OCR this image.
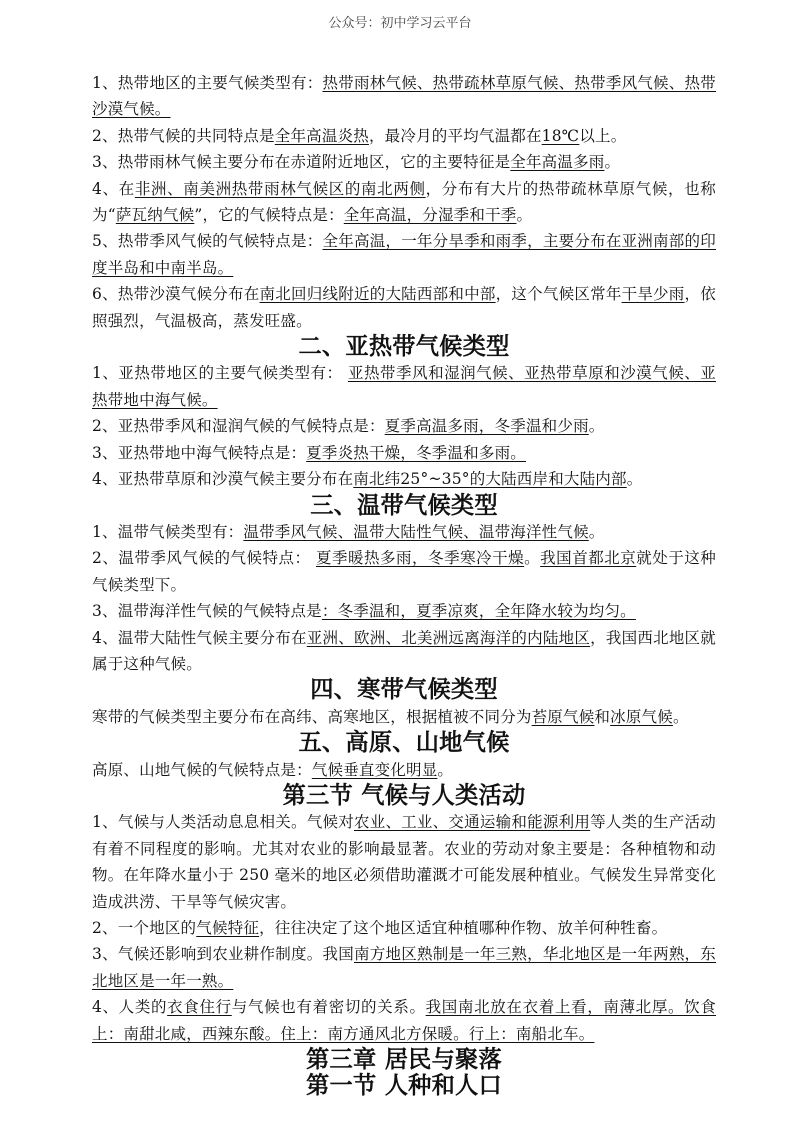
公众号：初中学习云平台

1、热带地区的主要气候类型有：热带雨林气候、热带疏林草原气候、热带季风气候、热带沙漠气候。

2、热带气候的共同特点是全年高温炎热，最冷月的平均气温都在18℃以上。

3、热带雨林气候主要分布在赤道附近地区，它的主要特征是全年高温多雨。

4、在非洲、南美洲热带雨林气候区的南北两侧，分布有大片的热带疏林草原气候，也称为“萨瓦纳气候”，它的气候特点是：全年高温，分湿季和干季。

5、热带季风气候的气候特点是：全年高温，一年分旱季和雨季，主要分布在亚洲南部的印度半岛和中南半岛。

6、热带沙漠气候分布在南北回归线附近的大陆西部和中部，这个气候区常年干旱少雨，依照强烈，气温极高，蒸发旺盛。

二、亚热带气候类型

1、亚热带地区的主要气候类型有： 亚热带季风和湿润气候、亚热带草原和沙漠气候、亚热带地中海气候。

2、亚热带季风和湿润气候的气候特点是：夏季高温多雨，冬季温和少雨。

3、亚热带地中海气候特点是：夏季炎热干燥，冬季温和多雨。

4、亚热带草原和沙漠气候主要分布在南北纬25°~35°的大陆西岸和大陆内部。

三、温带气候类型

1、温带气候类型有：温带季风气候、温带大陆性气候、温带海洋性气候。

2、温带季风气候的气候特点： 夏季暖热多雨，冬季寒冷干燥。我国首都北京就处于这种气候类型下。

3、温带海洋性气候的气候特点是：冬季温和，夏季凉爽，全年降水较为均匀。

4、温带大陆性气候主要分布在亚洲、欧洲、北美洲远离海洋的内陆地区，我国西北地区就属于这种气候。

四、寒带气候类型

寒带的气候类型主要分布在高纬、高寒地区，根据植被不同分为苔原气候和冰原气候。

五、高原、山地气候

高原、山地气候的气候特点是：气候垂直变化明显。

第三节 气候与人类活动

1、气候与人类活动息息相关。气候对农业、工业、交通运输和能源利用等人类的生产活动有着不同程度的影响。尤其对农业的影响最显著。农业的劳动对象主要是：各种植物和动物。在年降水量小于 250 毫米的地区必须借助灌溉才可能发展种植业。气候发生异常变化造成洪涝、干旱等气候灾害。

2、一个地区的气候特征，往往决定了这个地区适宜种植哪种作物、放羊何种牲畜。

3、气候还影响到农业耕作制度。我国南方地区熟制是一年三熟，华北地区是一年两熟，东北地区是一年一熟。

4、人类的衣食住行与气候也有着密切的关系。我国南北放在衣着上看，南薄北厚。饮食上：南甜北咸，西辣东酸。住上：南方通风北方保暖。行上：南船北车。

第三章 居民与聚落
第一节 人种和人口
